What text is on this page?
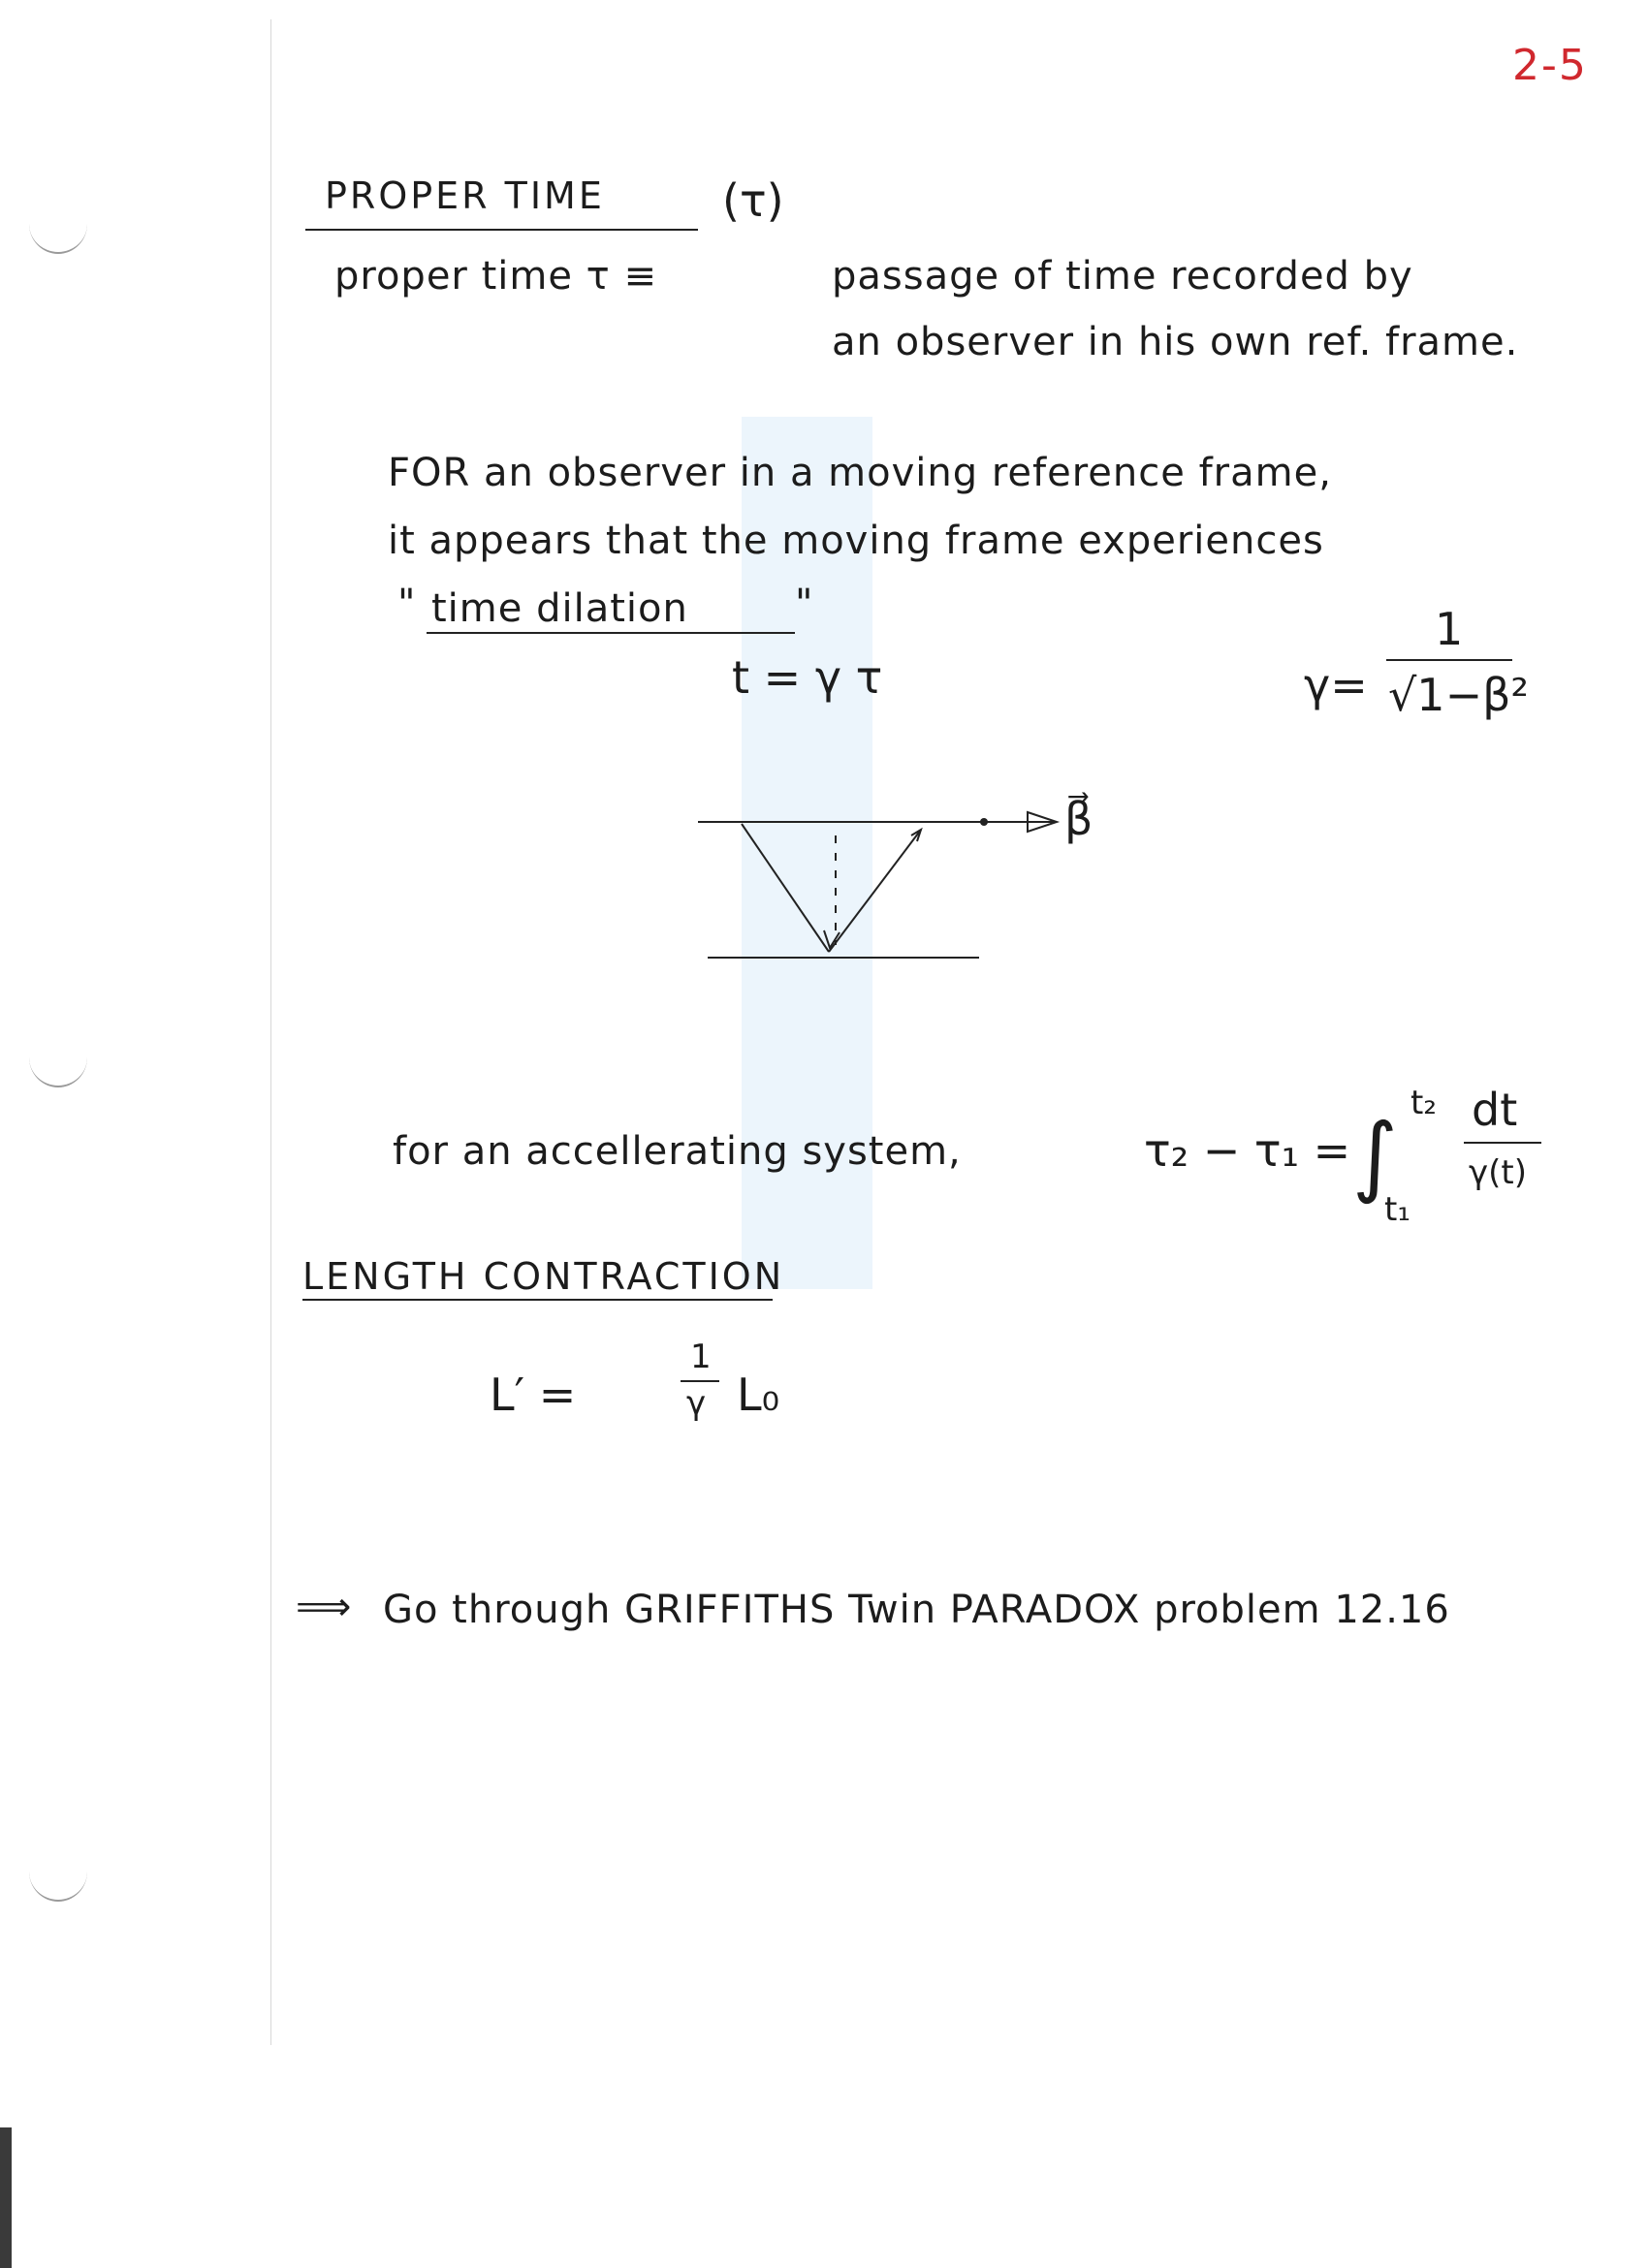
2-5
PROPER TIME	(τ)
proper time τ ≡	passage of time recorded by
an observer in his own ref. frame.
FOR an observer in a moving reference frame,
it appears that the moving frame experiences
" time dilation	"
t = γ τ	γ=
1
√1−β²
β⃗
for an accellerating system,	τ₂ − τ₁ = ∫
t₂
t₁
dt
γ(t)
LENGTH CONTRACTION
L′ =
1
γ L₀
⟹ Go through GRIFFITHS Twin PARADOX problem 12.16
